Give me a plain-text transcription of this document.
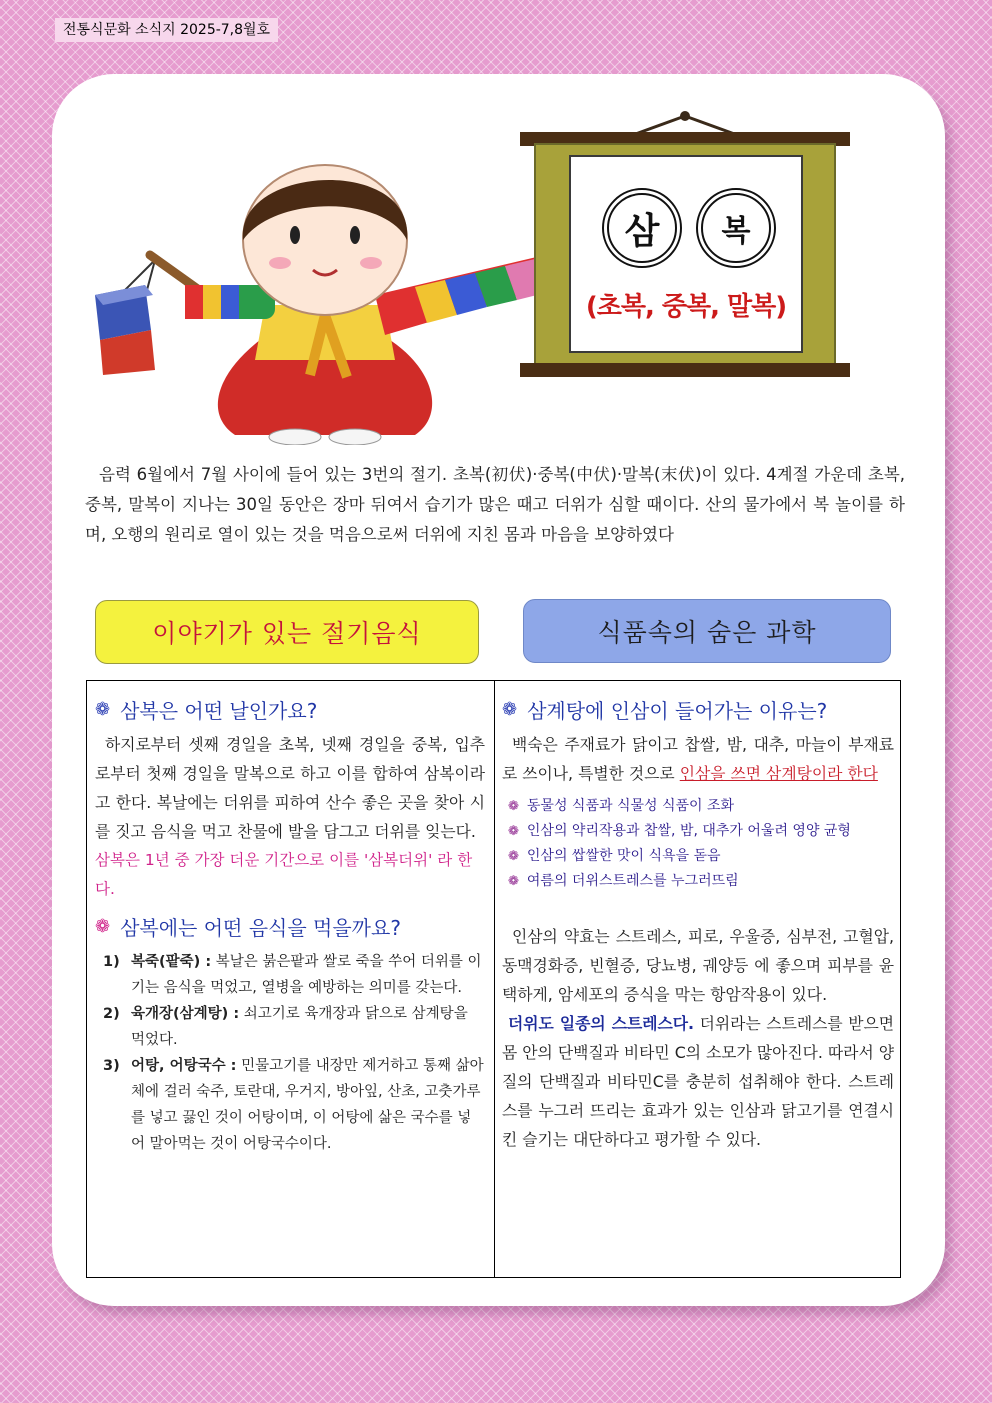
전통식문화 소식지 2025-7,8월호
삼 복
(초복, 중복, 말복)
음력 6월에서 7월 사이에 들어 있는 3번의 절기. 초복(初伏)·중복(中伏)·말복(末伏)이 있다. 4계절 가운데 초복, 중복, 말복이 지나는 30일 동안은 장마 뒤여서 습기가 많은 때고 더위가 심할 때이다. 산의 물가에서 복 놀이를 하며, 오행의 원리로 열이 있는 것을 먹음으로써 더위에 지친 몸과 마음을 보양하였다
이야기가 있는 절기음식	식품속의 숨은 과학
❁ 삼복은 어떤 날인가요?
하지로부터 셋째 경일을 초복, 넷째 경일을 중복, 입추로부터 첫째 경일을 말복으로 하고 이를 합하여 삼복이라고 한다. 복날에는 더위를 피하여 산수 좋은 곳을 찾아 시를 짓고 음식을 먹고 찬물에 발을 담그고 더위를 잊는다.
삼복은 1년 중 가장 더운 기간으로 이를 '삼복더위' 라 한다.
❁ 삼복에는 어떤 음식을 먹을까요?
1) 복죽(팥죽) : 복날은 붉은팥과 쌀로 죽을 쑤어 더위를 이기는 음식을 먹었고, 열병을 예방하는 의미를 갖는다.
2) 육개장(삼계탕) : 쇠고기로 육개장과 닭으로 삼계탕을 먹었다.
3) 어탕, 어탕국수 : 민물고기를 내장만 제거하고 통째 삶아 체에 걸러 숙주, 토란대, 우거지, 방아잎, 산초, 고춧가루를 넣고 끓인 것이 어탕이며, 이 어탕에 삶은 국수를 넣어 말아먹는 것이 어탕국수이다.
❁ 삼계탕에 인삼이 들어가는 이유는?
백숙은 주재료가 닭이고 찹쌀, 밤, 대추, 마늘이 부재료로 쓰이나, 특별한 것으로 인삼을 쓰면 삼계탕이라 한다
❁ 동물성 식품과 식물성 식품이 조화
❁ 인삼의 약리작용과 찹쌀, 밤, 대추가 어울려 영양 균형
❁ 인삼의 쌉쌀한 맛이 식욕을 돋음
❁ 여름의 더위스트레스를 누그러뜨림
인삼의 약효는 스트레스, 피로, 우울증, 심부전, 고혈압, 동맥경화증, 빈혈증, 당뇨병, 궤양등 에 좋으며 피부를 윤택하게, 암세포의 증식을 막는 항암작용이 있다.
더위도 일종의 스트레스다. 더위라는 스트레스를 받으면 몸 안의 단백질과 비타민 C의 소모가 많아진다. 따라서 양질의 단백질과 비타민C를 충분히 섭취해야 한다. 스트레스를 누그러 뜨리는 효과가 있는 인삼과 닭고기를 연결시킨 슬기는 대단하다고 평가할 수 있다.
